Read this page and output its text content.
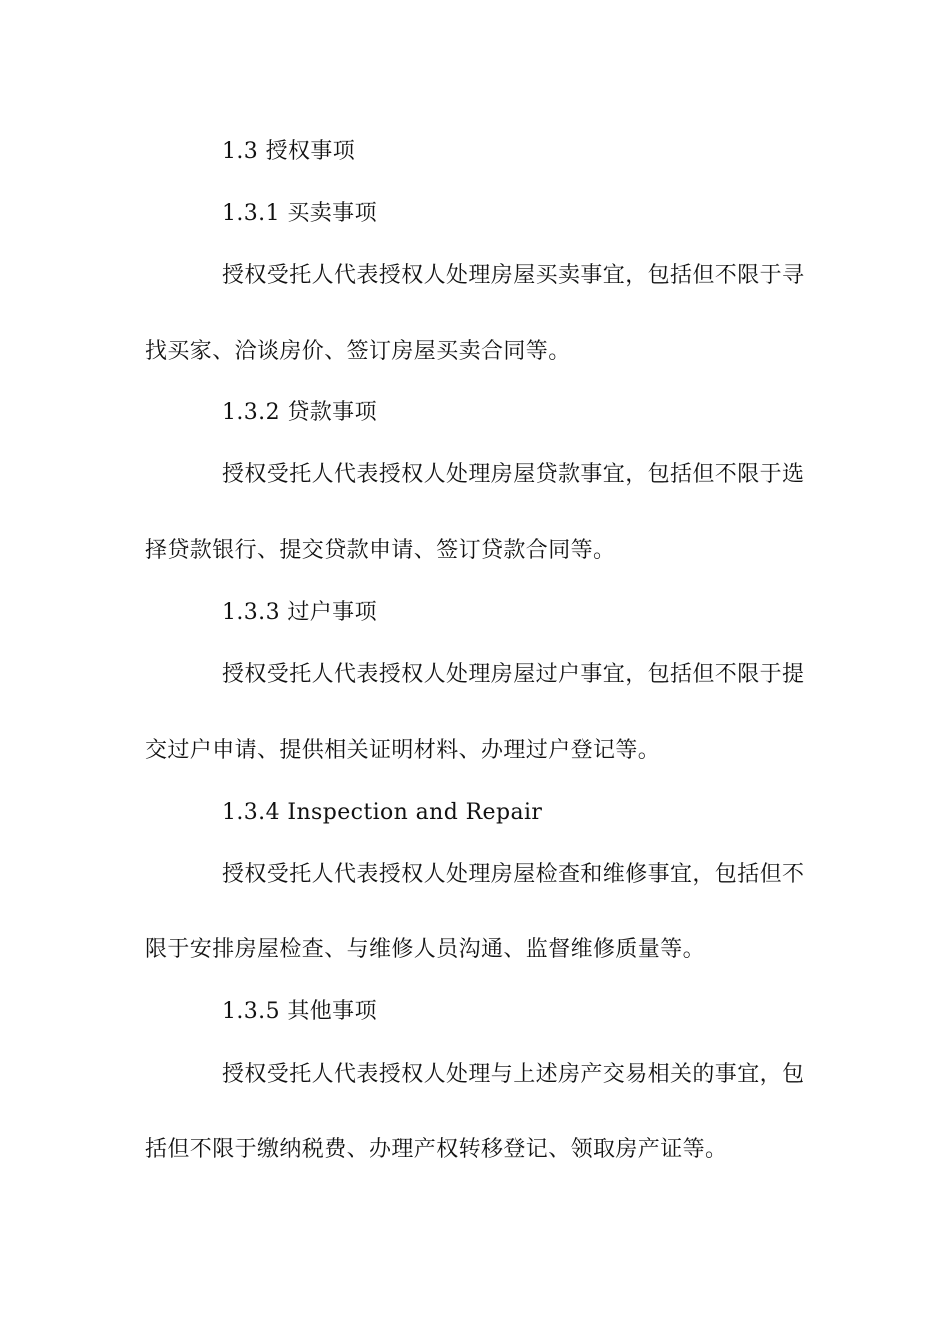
1.3 授权事项
1.3.1 买卖事项
授权受托人代表授权人处理房屋买卖事宜，包括但不限于寻
找买家、洽谈房价、签订房屋买卖合同等。
1.3.2 贷款事项
授权受托人代表授权人处理房屋贷款事宜，包括但不限于选
择贷款银行、提交贷款申请、签订贷款合同等。
1.3.3 过户事项
授权受托人代表授权人处理房屋过户事宜，包括但不限于提
交过户申请、提供相关证明材料、办理过户登记等。
1.3.4 Inspection and Repair
授权受托人代表授权人处理房屋检查和维修事宜，包括但不
限于安排房屋检查、与维修人员沟通、监督维修质量等。
1.3.5 其他事项
授权受托人代表授权人处理与上述房产交易相关的事宜，包
括但不限于缴纳税费、办理产权转移登记、领取房产证等。
